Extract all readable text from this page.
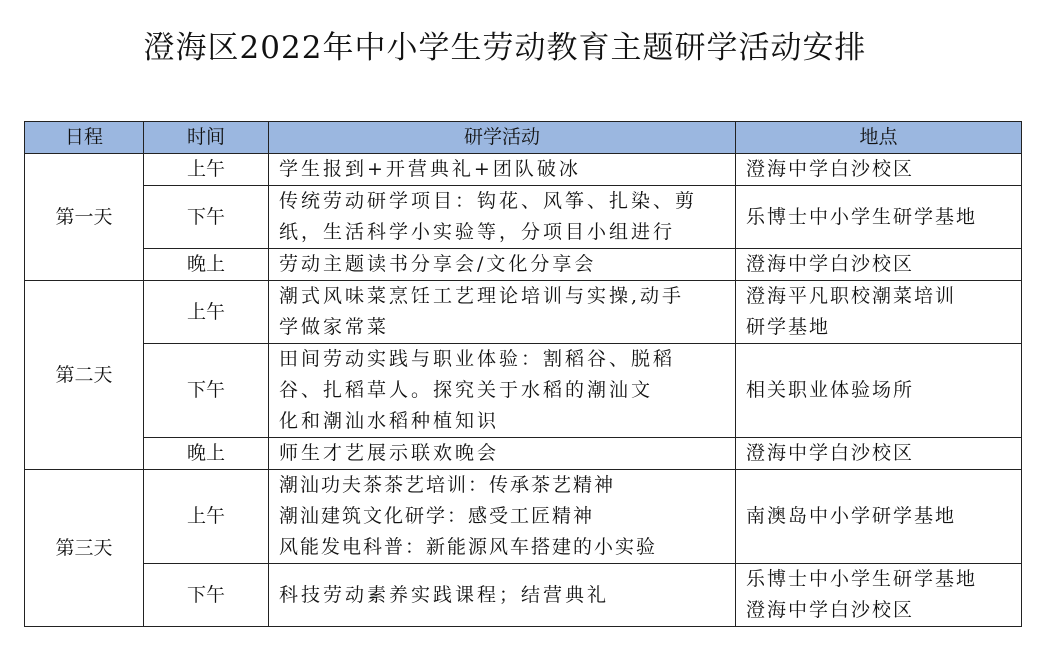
澄海区2022年中小学生劳动教育主题研学活动安排
日程	时间	研学活动	地点
第一天	上午	学生报到+开营典礼+团队破冰	澄海中学白沙校区

	下午	传统劳动研学项目：钩花、风筝、扎染、剪
纸，生活科学小实验等，分项目小组进行	乐博士中小学生研学基地

	晚上	劳动主题读书分享会/文化分享会	澄海中学白沙校区

第二天	上午	潮式风味菜烹饪工艺理论培训与实操,动手
学做家常菜	澄海平凡职校潮菜培训
研学基地

	下午	田间劳动实践与职业体验：割稻谷、脱稻
谷、扎稻草人。探究关于水稻的潮汕文
化和潮汕水稻种植知识	相关职业体验场所

	晚上	师生才艺展示联欢晚会	澄海中学白沙校区

第三天	上午	潮汕功夫茶茶艺培训：传承茶艺精神
潮汕建筑文化研学：感受工匠精神
风能发电科普：新能源风车搭建的小实验	南澳岛中小学研学基地

	下午	科技劳动素养实践课程；结营典礼	乐博士中小学生研学基地
澄海中学白沙校区
